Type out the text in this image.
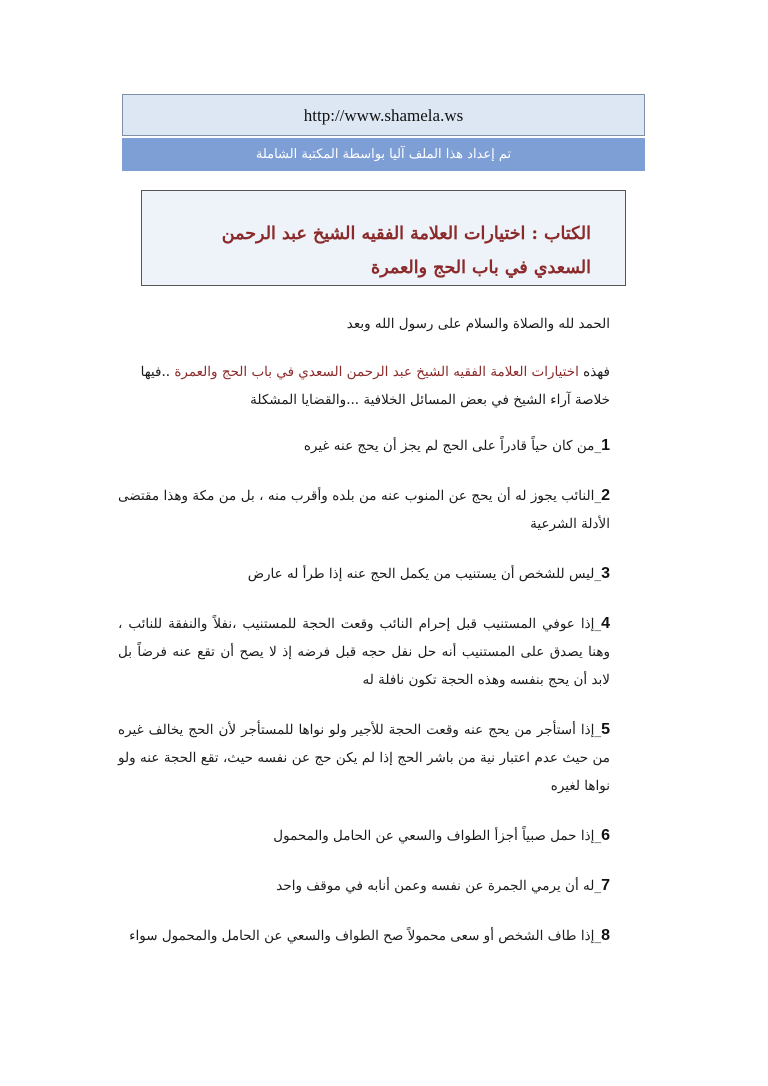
http://www.shamela.ws
تم إعداد هذا الملف آليا بواسطة المكتبة الشاملة
الكتاب : اختيارات العلامة الفقيه الشيخ عبد الرحمن السعدي في باب الحج والعمرة

الحمد لله والصلاة والسلام على رسول الله وبعد

فهذه اختيارات العلامة الفقيه الشيخ عبد الرحمن السعدي في باب الحج والعمرة ..فيها خلاصة آراء الشيخ في بعض المسائل الخلافية ...والقضايا المشكلة

1_من كان حياً قادراً على الحج لم يجز أن يحج عنه غيره

2_النائب يجوز له أن يحج عن المنوب عنه من بلده وأقرب منه ، بل من مكة وهذا مقتضى الأدلة الشرعية

3_ليس للشخص أن يستنيب من يكمل الحج عنه إذا طرأ له عارض

4_إذا عوفي المستنيب قبل إحرام النائب وقعت الحجة للمستنيب ،نفلاً والنفقة للنائب ، وهنا يصدق على المستنيب أنه حل نفل حجه قبل فرضه إذ لا يصح أن تقع عنه فرضاً بل لابد أن يحج بنفسه وهذه الحجة تكون نافلة له

5_إذا أستأجر من يحج عنه وقعت الحجة للأجير ولو نواها للمستأجر لأن الحج يخالف غيره من حيث عدم اعتبار نية من باشر الحج إذا لم يكن حج عن نفسه حيث، تقع الحجة عنه ولو نواها لغيره

6_إذا حمل صبياً أجزأ الطواف والسعي عن الحامل والمحمول

7_له أن يرمي الجمرة عن نفسه وعمن أنابه في موقف واحد

8_إذا طاف الشخص أو سعى محمولاً صح الطواف والسعي عن الحامل والمحمول سواء
